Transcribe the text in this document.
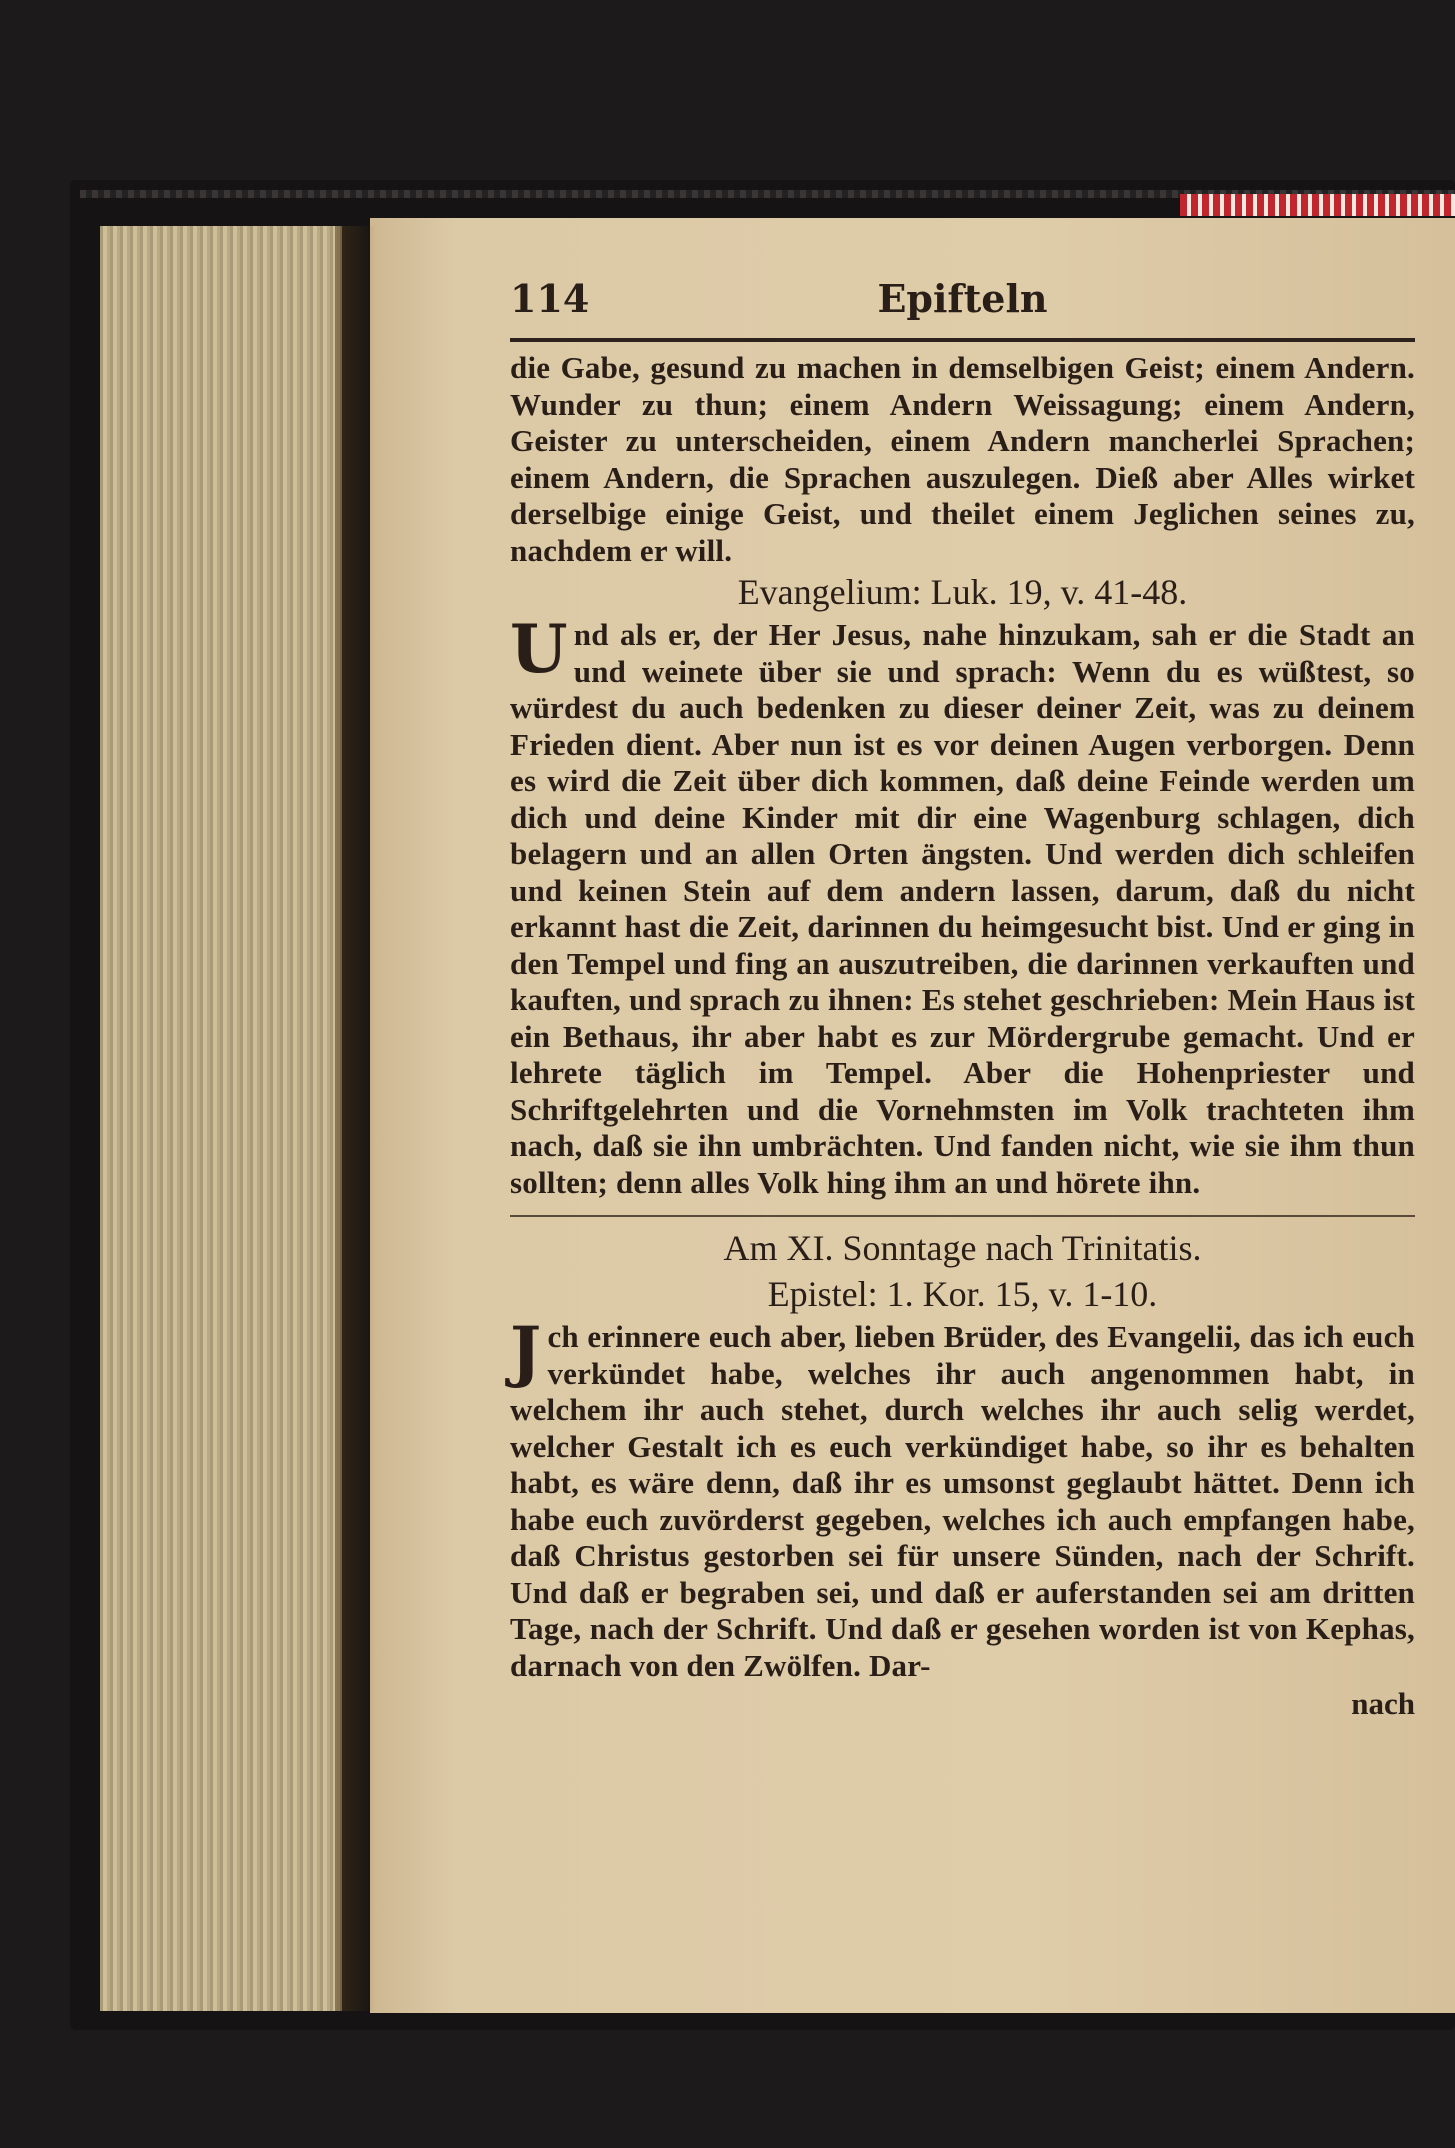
114	Epifteln
die Gabe, gesund zu machen in demselbigen Geist; einem Andern. Wunder zu thun; einem Andern Weissagung; einem Andern, Geister zu unterscheiden, einem Andern mancherlei Sprachen; einem Andern, die Sprachen auszulegen. Dieß aber Alles wirket derselbige einige Geist, und theilet einem Jeglichen seines zu, nachdem er will.
Evangelium: Luk. 19, v. 41-48.
Und als er, der Her Jesus, nahe hinzukam, sah er die Stadt an und weinete über sie und sprach: Wenn du es wüßtest, so würdest du auch bedenken zu dieser deiner Zeit, was zu deinem Frieden dient. Aber nun ist es vor deinen Augen verborgen. Denn es wird die Zeit über dich kommen, daß deine Feinde werden um dich und deine Kinder mit dir eine Wagenburg schlagen, dich belagern und an allen Orten ängsten. Und werden dich schleifen und keinen Stein auf dem andern lassen, darum, daß du nicht erkannt hast die Zeit, darinnen du heimgesucht bist. Und er ging in den Tempel und fing an auszutreiben, die darinnen verkauften und kauften, und sprach zu ihnen: Es stehet geschrieben: Mein Haus ist ein Bethaus, ihr aber habt es zur Mördergrube gemacht. Und er lehrete täglich im Tempel. Aber die Hohenpriester und Schriftgelehrten und die Vornehmsten im Volk trachteten ihm nach, daß sie ihn umbrächten. Und fanden nicht, wie sie ihm thun sollten; denn alles Volk hing ihm an und hörete ihn.
Am XI. Sonntage nach Trinitatis.
Epistel: 1. Kor. 15, v. 1-10.
Jch erinnere euch aber, lieben Brüder, des Evangelii, das ich euch verkündet habe, welches ihr auch angenommen habt, in welchem ihr auch stehet, durch welches ihr auch selig werdet, welcher Gestalt ich es euch verkündiget habe, so ihr es behalten habt, es wäre denn, daß ihr es umsonst geglaubt hättet. Denn ich habe euch zuvörderst gegeben, welches ich auch empfangen habe, daß Christus gestorben sei für unsere Sünden, nach der Schrift. Und daß er begraben sei, und daß er auferstanden sei am dritten Tage, nach der Schrift. Und daß er gesehen worden ist von Kephas, darnach von den Zwölfen. Dar-
nach
